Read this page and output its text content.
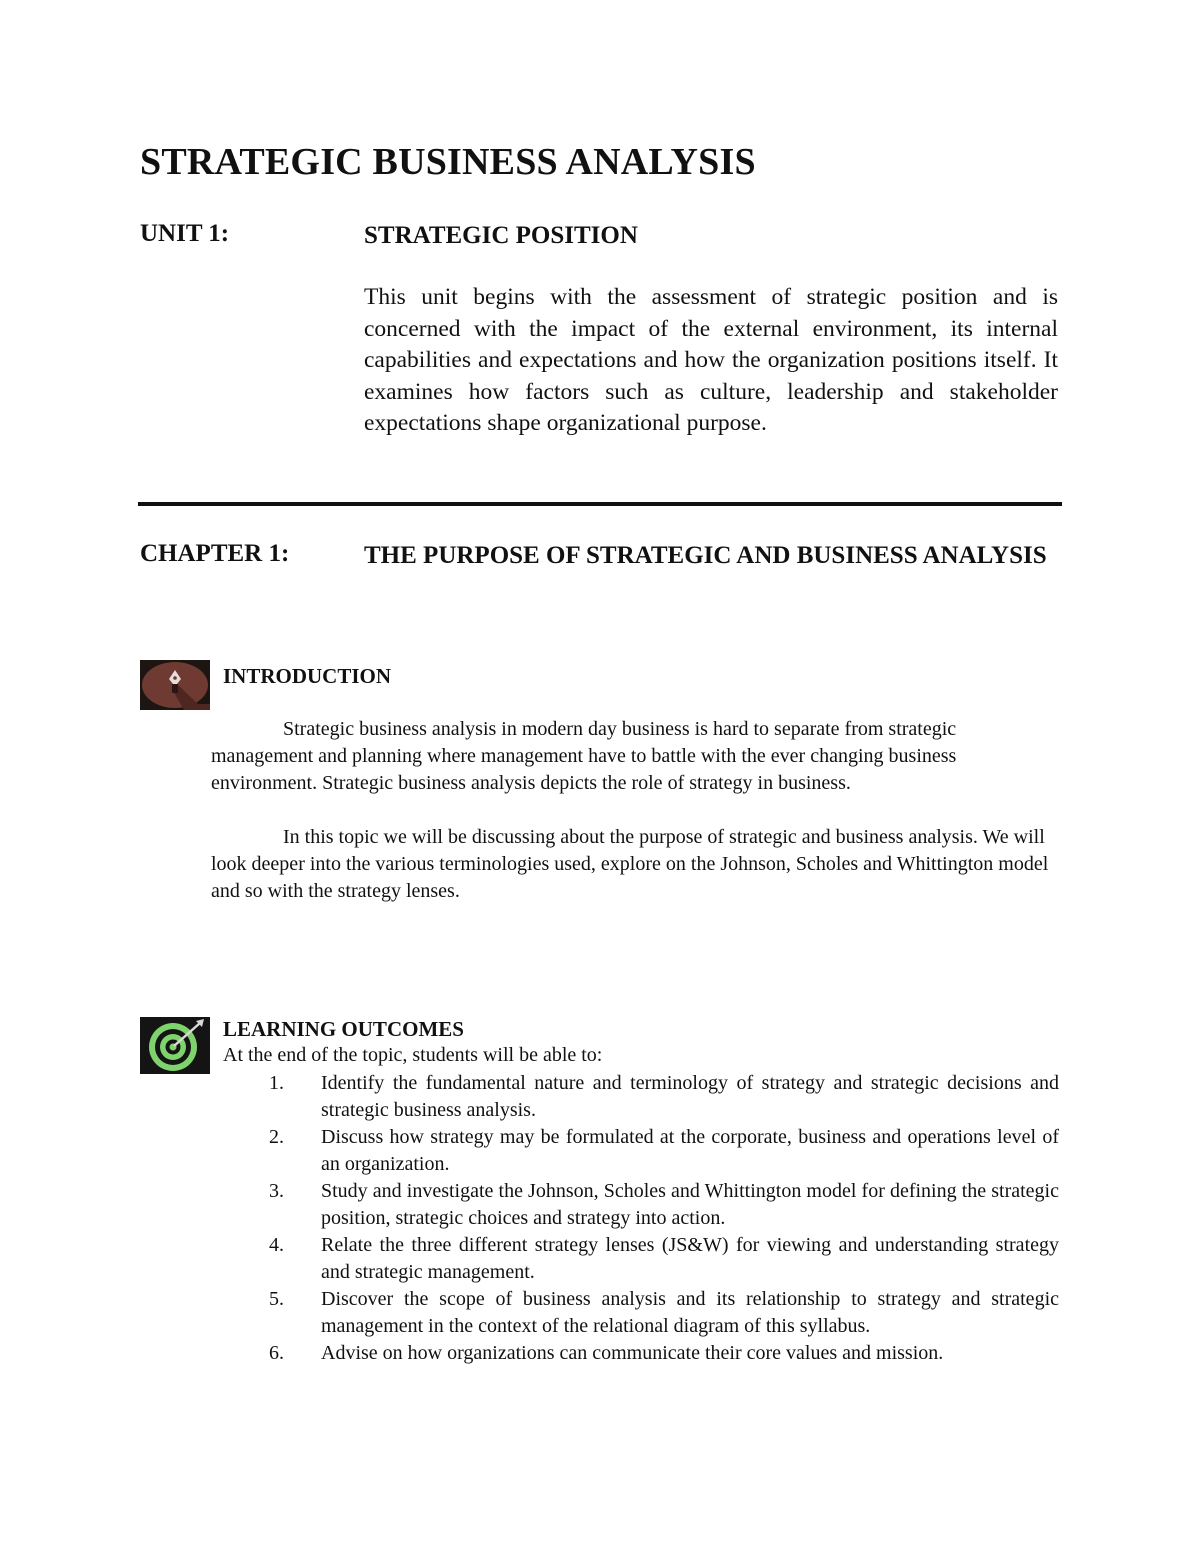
STRATEGIC BUSINESS ANALYSIS
UNIT 1:	STRATEGIC POSITION

This unit begins with the assessment of strategic position and is concerned with the impact of the external environment, its internal capabilities and expectations and how the organization positions itself. It examines how factors such as culture, leadership and stakeholder expectations shape organizational purpose.

CHAPTER 1:	THE PURPOSE OF STRATEGIC AND BUSINESS ANALYSIS
INTRODUCTION

Strategic business analysis in modern day business is hard to separate from strategic management and planning where management have to battle with the ever changing business environment. Strategic business analysis depicts the role of strategy in business.

In this topic we will be discussing about the purpose of strategic and business analysis. We will look deeper into the various terminologies used, explore on the Johnson, Scholes and Whittington model and so with the strategy lenses.

LEARNING OUTCOMES

At the end of the topic, students will be able to:

1. Identify the fundamental nature and terminology of strategy and strategic decisions and strategic business analysis.
2. Discuss how strategy may be formulated at the corporate, business and operations level of an organization.
3. Study and investigate the Johnson, Scholes and Whittington model for defining the strategic position, strategic choices and strategy into action.
4. Relate the three different strategy lenses (JS&W) for viewing and understanding strategy and strategic management.
5. Discover the scope of business analysis and its relationship to strategy and strategic management in the context of the relational diagram of this syllabus.
6. Advise on how organizations can communicate their core values and mission.
